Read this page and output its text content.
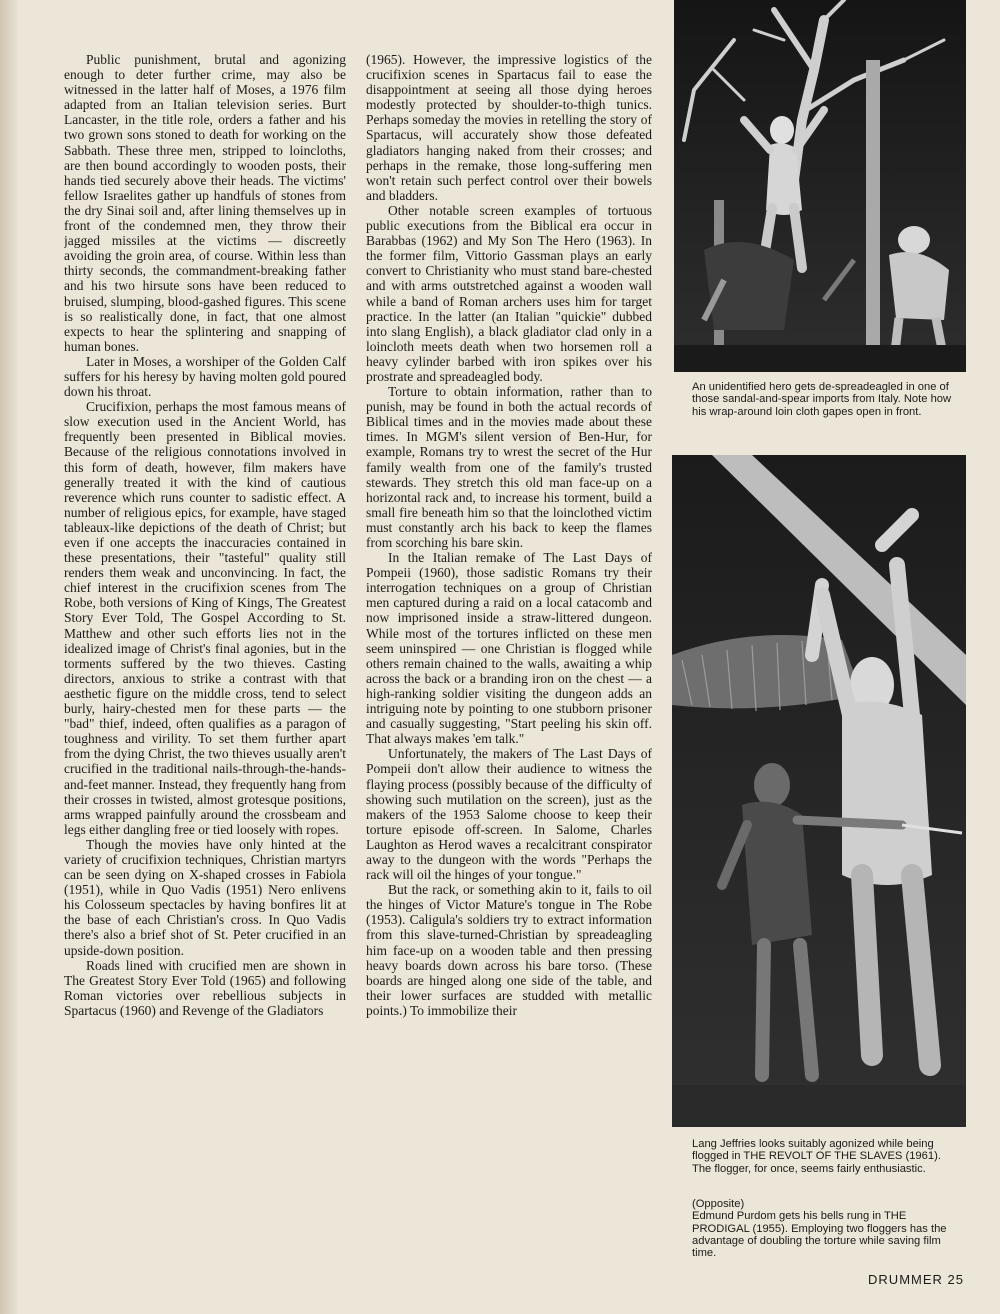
Public punishment, brutal and agonizing enough to deter further crime, may also be witnessed in the latter half of Moses, a 1976 film adapted from an Italian television series. Burt Lancaster, in the title role, orders a father and his two grown sons stoned to death for working on the Sabbath. These three men, stripped to loincloths, are then bound accordingly to wooden posts, their hands tied securely above their heads. The victims' fellow Israelites gather up handfuls of stones from the dry Sinai soil and, after lining themselves up in front of the condemned men, they throw their jagged missiles at the victims — discreetly avoiding the groin area, of course. Within less than thirty seconds, the commandment-breaking father and his two hirsute sons have been reduced to bruised, slumping, blood-gashed figures. This scene is so realistically done, in fact, that one almost expects to hear the splintering and snapping of human bones.

Later in Moses, a worshiper of the Golden Calf suffers for his heresy by having molten gold poured down his throat.

Crucifixion, perhaps the most famous means of slow execution used in the Ancient World, has frequently been presented in Biblical movies. Because of the religious connotations involved in this form of death, however, film makers have generally treated it with the kind of cautious reverence which runs counter to sadistic effect. A number of religious epics, for example, have staged tableaux-like depictions of the death of Christ; but even if one accepts the inaccuracies contained in these presentations, their "tasteful" quality still renders them weak and unconvincing. In fact, the chief interest in the crucifixion scenes from The Robe, both versions of King of Kings, The Greatest Story Ever Told, The Gospel According to St. Matthew and other such efforts lies not in the idealized image of Christ's final agonies, but in the torments suffered by the two thieves. Casting directors, anxious to strike a contrast with that aesthetic figure on the middle cross, tend to select burly, hairy-chested men for these parts — the "bad" thief, indeed, often qualifies as a paragon of toughness and virility. To set them further apart from the dying Christ, the two thieves usually aren't crucified in the traditional nails-through-the-hands-and-feet manner. Instead, they frequently hang from their crosses in twisted, almost grotesque positions, arms wrapped painfully around the crossbeam and legs either dangling free or tied loosely with ropes.

Though the movies have only hinted at the variety of crucifixion techniques, Christian martyrs can be seen dying on X-shaped crosses in Fabiola (1951), while in Quo Vadis (1951) Nero enlivens his Colosseum spectacles by having bonfires lit at the base of each Christian's cross. In Quo Vadis there's also a brief shot of St. Peter crucified in an upside-down position.

Roads lined with crucified men are shown in The Greatest Story Ever Told (1965) and following Roman victories over rebellious subjects in Spartacus (1960) and Revenge of the Gladiators

(1965). However, the impressive logistics of the crucifixion scenes in Spartacus fail to ease the disappointment at seeing all those dying heroes modestly protected by shoulder-to-thigh tunics. Perhaps someday the movies in retelling the story of Spartacus, will accurately show those defeated gladiators hanging naked from their crosses; and perhaps in the remake, those long-suffering men won't retain such perfect control over their bowels and bladders.

Other notable screen examples of tortuous public executions from the Biblical era occur in Barabbas (1962) and My Son The Hero (1963). In the former film, Vittorio Gassman plays an early convert to Christianity who must stand bare-chested and with arms outstretched against a wooden wall while a band of Roman archers uses him for target practice. In the latter (an Italian "quickie" dubbed into slang English), a black gladiator clad only in a loincloth meets death when two horsemen roll a heavy cylinder barbed with iron spikes over his prostrate and spreadeagled body.

Torture to obtain information, rather than to punish, may be found in both the actual records of Biblical times and in the movies made about these times. In MGM's silent version of Ben-Hur, for example, Romans try to wrest the secret of the Hur family wealth from one of the family's trusted stewards. They stretch this old man face-up on a horizontal rack and, to increase his torment, build a small fire beneath him so that the loinclothed victim must constantly arch his back to keep the flames from scorching his bare skin.

In the Italian remake of The Last Days of Pompeii (1960), those sadistic Romans try their interrogation techniques on a group of Christian men captured during a raid on a local catacomb and now imprisoned inside a straw-littered dungeon. While most of the tortures inflicted on these men seem uninspired — one Christian is flogged while others remain chained to the walls, awaiting a whip across the back or a branding iron on the chest — a high-ranking soldier visiting the dungeon adds an intriguing note by pointing to one stubborn prisoner and casually suggesting, "Start peeling his skin off. That always makes 'em talk."

Unfortunately, the makers of The Last Days of Pompeii don't allow their audience to witness the flaying process (possibly because of the difficulty of showing such mutilation on the screen), just as the makers of the 1953 Salome choose to keep their torture episode off-screen. In Salome, Charles Laughton as Herod waves a recalcitrant conspirator away to the dungeon with the words "Perhaps the rack will oil the hinges of your tongue."

But the rack, or something akin to it, fails to oil the hinges of Victor Mature's tongue in The Robe (1953). Caligula's soldiers try to extract information from this slave-turned-Christian by spreadeagling him face-up on a wooden table and then pressing heavy boards down across his bare torso. (These boards are hinged along one side of the table, and their lower surfaces are studded with metallic points.) To immobilize their

An unidentified hero gets de-spreadeagled in one of those sandal-and-spear imports from Italy. Note how his wrap-around loin cloth gapes open in front.
Lang Jeffries looks suitably agonized while being flogged in THE REVOLT OF THE SLAVES (1961). The flogger, for once, seems fairly enthusiastic.
(Opposite)
Edmund Purdom gets his bells rung in THE PRODIGAL (1955). Employing two floggers has the advantage of doubling the torture while saving film time.
DRUMMER 25
